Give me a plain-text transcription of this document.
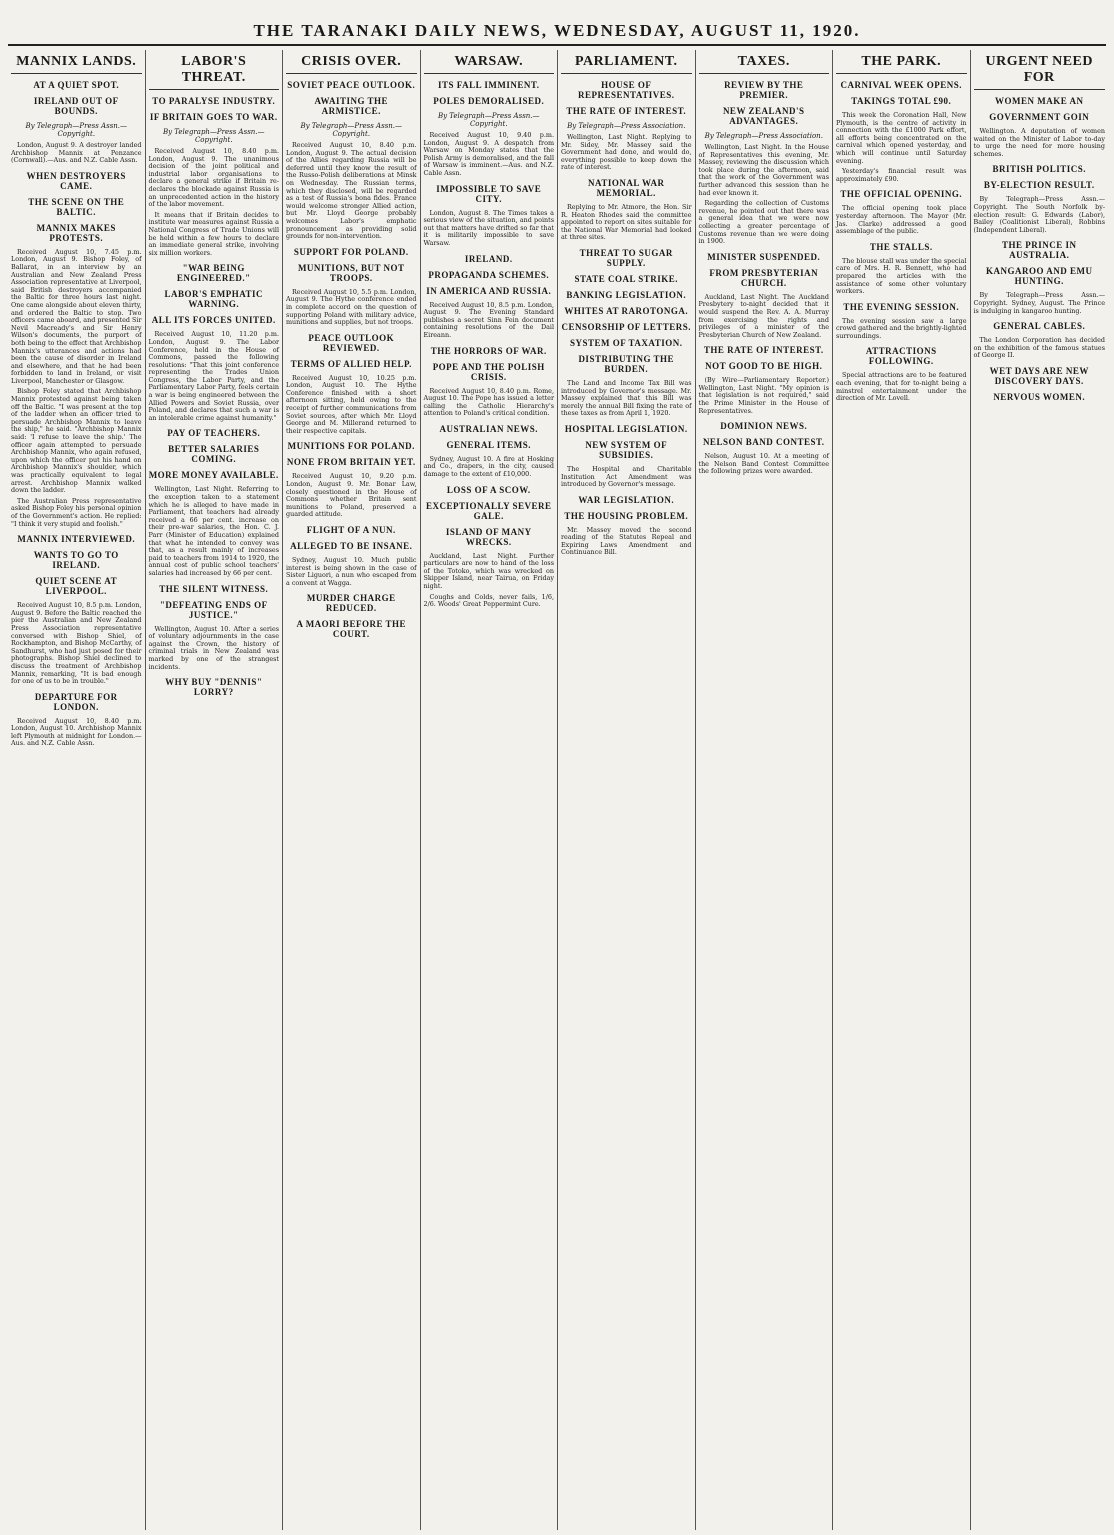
THE TARANAKI DAILY NEWS, WEDNESDAY, AUGUST 11, 1920.
MANNIX LANDS.
AT A QUIET SPOT.
IRELAND OUT OF BOUNDS.
By Telegraph—Press Assn.—Copyright.
London, August 9. A destroyer landed Archbishop Mannix at Penzance (Cornwall).—Aus. and N.Z. Cable Assn.
WHEN DESTROYERS CAME.
THE SCENE ON THE BALTIC.
MANNIX MAKES PROTESTS.
Received August 10, 7.45 p.m. London, August 9. Bishop Foley, of Ballarat, in an interview by an Australian and New Zealand Press Association representative at Liverpool, said British destroyers accompanied the Baltic for three hours last night. One came alongside about eleven thirty, and ordered the Baltic to stop. Two officers came aboard, and presented Sir Nevil Macready's and Sir Henry Wilson's documents, the purport of both being to the effect that Archbishop Mannix's utterances and actions had been the cause of disorder in Ireland and elsewhere, and that he had been forbidden to land in Ireland, or visit Liverpool, Manchester or Glasgow.
Bishop Foley stated that Archbishop Mannix protested against being taken off the Baltic. "I was present at the top of the ladder when an officer tried to persuade Archbishop Mannix to leave the ship," he said. "Archbishop Mannix said: 'I refuse to leave the ship.' The officer again attempted to persuade Archbishop Mannix, who again refused, upon which the officer put his hand on Archbishop Mannix's shoulder, which was practically equivalent to legal arrest. Archbishop Mannix walked down the ladder.
The Australian Press representative asked Bishop Foley his personal opinion of the Government's action. He replied: "I think it very stupid and foolish."
MANNIX INTERVIEWED.
WANTS TO GO TO IRELAND.
QUIET SCENE AT LIVERPOOL.
Received August 10, 8.5 p.m. London, August 9. Before the Baltic reached the pier the Australian and New Zealand Press Association representative conversed with Bishop Shiel, of Rockhampton, and Bishop McCarthy, of Sandhurst, who had just posed for their photographs. Bishop Shiel declined to discuss the treatment of Archbishop Mannix, remarking, "It is bad enough for one of us to be in trouble."
DEPARTURE FOR LONDON.
Received August 10, 8.40 p.m. London, August 10. Archbishop Mannix left Plymouth at midnight for London.—Aus. and N.Z. Cable Assn.
LABOR'S THREAT.
TO PARALYSE INDUSTRY.
IF BRITAIN GOES TO WAR.
By Telegraph—Press Assn.—Copyright.
Received August 10, 8.40 p.m. London, August 9. The unanimous decision of the joint political and industrial labor organisations to declare a general strike if Britain re-declares the blockade against Russia is an unprecedented action in the history of the labor movement.
It means that if Britain decides to institute war measures against Russia a National Congress of Trade Unions will be held within a few hours to declare an immediate general strike, involving six million workers.
"WAR BEING ENGINEERED."
LABOR'S EMPHATIC WARNING.
ALL ITS FORCES UNITED.
Received August 10, 11.20 p.m. London, August 9. The Labor Conference, held in the House of Commons, passed the following resolutions: "That this joint conference representing the Trades Union Congress, the Labor Party, and the Parliamentary Labor Party, feels certain a war is being engineered between the Allied Powers and Soviet Russia, over Poland, and declares that such a war is an intolerable crime against humanity."
PAY OF TEACHERS.
BETTER SALARIES COMING.
MORE MONEY AVAILABLE.
Wellington, Last Night. Referring to the exception taken to a statement which he is alleged to have made in Parliament, that teachers had already received a 66 per cent. increase on their pre-war salaries, the Hon. C. J. Parr (Minister of Education) explained that what he intended to convey was that, as a result mainly of increases paid to teachers from 1914 to 1920, the annual cost of public school teachers' salaries had increased by 66 per cent.
THE SILENT WITNESS.
"DEFEATING ENDS OF JUSTICE."
Wellington, August 10. After a series of voluntary adjournments in the case against the Crown, the history of criminal trials in New Zealand was marked by one of the strangest incidents.
WHY BUY "DENNIS" LORRY?
CRISIS OVER.
SOVIET PEACE OUTLOOK.
AWAITING THE ARMISTICE.
By Telegraph—Press Assn.—Copyright.
Received August 10, 8.40 p.m. London, August 9. The actual decision of the Allies regarding Russia will be deferred until they know the result of the Russo-Polish deliberations at Minsk on Wednesday. The Russian terms, which they disclosed, will be regarded as a test of Russia's bona fides. France would welcome stronger Allied action, but Mr. Lloyd George probably welcomes Labor's emphatic pronouncement as providing solid grounds for non-intervention.
SUPPORT FOR POLAND.
MUNITIONS, BUT NOT TROOPS.
Received August 10, 5.5 p.m. London, August 9. The Hythe conference ended in complete accord on the question of supporting Poland with military advice, munitions and supplies, but not troops.
PEACE OUTLOOK REVIEWED.
TERMS OF ALLIED HELP.
Received August 10, 10.25 p.m. London, August 10. The Hythe Conference finished with a short afternoon sitting, held owing to the receipt of further communications from Soviet sources, after which Mr. Lloyd George and M. Millerand returned to their respective capitals.
MUNITIONS FOR POLAND.
NONE FROM BRITAIN YET.
Received August 10, 9.20 p.m. London, August 9. Mr. Bonar Law, closely questioned in the House of Commons whether Britain sent munitions to Poland, preserved a guarded attitude.
FLIGHT OF A NUN.
ALLEGED TO BE INSANE.
Sydney, August 10. Much public interest is being shown in the case of Sister Liguori, a nun who escaped from a convent at Wagga.
MURDER CHARGE REDUCED.
A MAORI BEFORE THE COURT.
WARSAW.
ITS FALL IMMINENT.
POLES DEMORALISED.
By Telegraph—Press Assn.—Copyright.
Received August 10, 9.40 p.m. London, August 9. A despatch from Warsaw on Monday states that the Polish Army is demoralised, and the fall of Warsaw is imminent.—Aus. and N.Z. Cable Assn.
IMPOSSIBLE TO SAVE CITY.
London, August 8. The Times takes a serious view of the situation, and points out that matters have drifted so far that it is militarily impossible to save Warsaw.
IRELAND.
PROPAGANDA SCHEMES.
IN AMERICA AND RUSSIA.
Received August 10, 8.5 p.m. London, August 9. The Evening Standard publishes a secret Sinn Fein document containing resolutions of the Dail Eireann.
THE HORRORS OF WAR.
POPE AND THE POLISH CRISIS.
Received August 10, 8.40 p.m. Rome, August 10. The Pope has issued a letter calling the Catholic Hierarchy's attention to Poland's critical condition.
AUSTRALIAN NEWS.
GENERAL ITEMS.
Sydney, August 10. A fire at Hosking and Co., drapers, in the city, caused damage to the extent of £10,000.
LOSS OF A SCOW.
EXCEPTIONALLY SEVERE GALE.
ISLAND OF MANY WRECKS.
Auckland, Last Night. Further particulars are now to hand of the loss of the Totoko, which was wrecked on Skipper Island, near Tairua, on Friday night.
Coughs and Colds, never fails, 1/6, 2/6. Woods' Great Peppermint Cure.
PARLIAMENT.
HOUSE OF REPRESENTATIVES.
THE RATE OF INTEREST.
By Telegraph—Press Association.
Wellington, Last Night. Replying to Mr. Sidey, Mr. Massey said the Government had done, and would do, everything possible to keep down the rate of interest.
NATIONAL WAR MEMORIAL.
Replying to Mr. Atmore, the Hon. Sir R. Heaton Rhodes said the committee appointed to report on sites suitable for the National War Memorial had looked at three sites.
THREAT TO SUGAR SUPPLY.
STATE COAL STRIKE.
BANKING LEGISLATION.
WHITES AT RAROTONGA.
CENSORSHIP OF LETTERS.
SYSTEM OF TAXATION.
DISTRIBUTING THE BURDEN.
The Land and Income Tax Bill was introduced by Governor's message. Mr. Massey explained that this Bill was merely the annual Bill fixing the rate of these taxes as from April 1, 1920.
HOSPITAL LEGISLATION.
NEW SYSTEM OF SUBSIDIES.
The Hospital and Charitable Institution Act Amendment was introduced by Governor's message.
WAR LEGISLATION.
THE HOUSING PROBLEM.
Mr. Massey moved the second reading of the Statutes Repeal and Expiring Laws Amendment and Continuance Bill.
TAXES.
REVIEW BY THE PREMIER.
NEW ZEALAND'S ADVANTAGES.
By Telegraph—Press Association.
Wellington, Last Night. In the House of Representatives this evening, Mr. Massey, reviewing the discussion which took place during the afternoon, said that the work of the Government was further advanced this session than he had ever known it.
Regarding the collection of Customs revenue, he pointed out that there was a general idea that we were now collecting a greater percentage of Customs revenue than we were doing in 1900.
MINISTER SUSPENDED.
FROM PRESBYTERIAN CHURCH.
Auckland, Last Night. The Auckland Presbytery to-night decided that it would suspend the Rev. A. A. Murray from exercising the rights and privileges of a minister of the Presbyterian Church of New Zealand.
THE RATE OF INTEREST.
NOT GOOD TO BE HIGH.
(By Wire—Parliamentary Reporter.) Wellington, Last Night. "My opinion is that legislation is not required," said the Prime Minister in the House of Representatives.
DOMINION NEWS.
NELSON BAND CONTEST.
Nelson, August 10. At a meeting of the Nelson Band Contest Committee the following prizes were awarded.
THE PARK.
CARNIVAL WEEK OPENS.
TAKINGS TOTAL £90.
This week the Coronation Hall, New Plymouth, is the centre of activity in connection with the £1000 Park effort, all efforts being concentrated on the carnival which opened yesterday, and which will continue until Saturday evening.
Yesterday's financial result was approximately £90.
THE OFFICIAL OPENING.
The official opening took place yesterday afternoon. The Mayor (Mr. Jas. Clarke) addressed a good assemblage of the public.
THE STALLS.
The blouse stall was under the special care of Mrs. H. R. Bennett, who had prepared the articles with the assistance of some other voluntary workers.
THE EVENING SESSION.
The evening session saw a large crowd gathered and the brightly-lighted surroundings.
ATTRACTIONS FOLLOWING.
Special attractions are to be featured each evening, that for to-night being a minstrel entertainment under the direction of Mr. Lovell.
URGENT NEED FOR
WOMEN MAKE AN
GOVERNMENT GOIN
Wellington. A deputation of women waited on the Minister of Labor to-day to urge the need for more housing schemes.
BRITISH POLITICS.
BY-ELECTION RESULT.
By Telegraph—Press Assn.—Copyright. The South Norfolk by-election result: G. Edwards (Labor), Bailey (Coalitionist Liberal), Robbins (Independent Liberal).
THE PRINCE IN AUSTRALIA.
KANGAROO AND EMU HUNTING.
By Telegraph—Press Assn.—Copyright. Sydney, August. The Prince is indulging in kangaroo hunting.
GENERAL CABLES.
The London Corporation has decided on the exhibition of the famous statues of George II.
WET DAYS ARE NEW DISCOVERY DAYS.
NERVOUS WOMEN.
